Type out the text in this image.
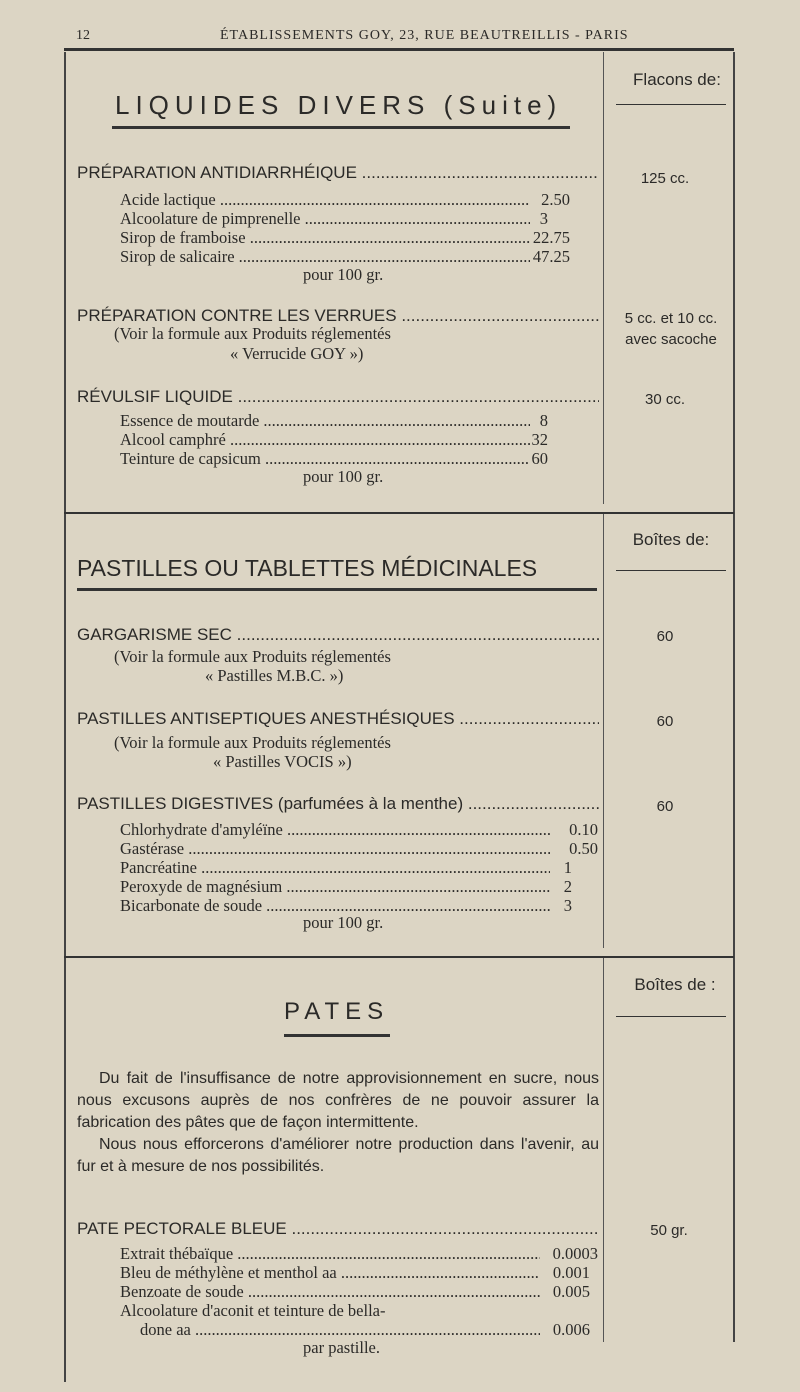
12	ÉTABLISSEMENTS GOY, 23, RUE BEAUTREILLIS - PARIS
Flacons de:
LIQUIDES DIVERS (Suite)
PRÉPARATION ANTIDIARRHÉIQUE .....	125 cc.
Acide lactique .....	2.50
Alcoolature de pimprenelle .....	3
Sirop de framboise .....	22.75
Sirop de salicaire .....	47.25
pour 100 gr.
PRÉPARATION CONTRE LES VERRUES .....	5 cc. et 10 cc.
avec sacoche
(Voir la formule aux Produits réglementés
« Verrucide GOY »)
RÉVULSIF LIQUIDE .....	30 cc.
Essence de moutarde .....	8
Alcool camphré .....	32
Teinture de capsicum .....	60
pour 100 gr.
Boîtes de:
PASTILLES OU TABLETTES MÉDICINALES
GARGARISME SEC .....	60
(Voir la formule aux Produits réglementés
« Pastilles M.B.C. »)
PASTILLES ANTISEPTIQUES ANESTHÉSIQUES .....	60
(Voir la formule aux Produits réglementés
« Pastilles VOCIS »)
PASTILLES DIGESTIVES (parfumées à la menthe) .....	60
Chlorhydrate d'amyléïne .....	0.10
Gastérase .....	0.50
Pancréatine .....	1
Peroxyde de magnésium .....	2
Bicarbonate de soude .....	3
pour 100 gr.
Boîtes de :
PATES

Du fait de l'insuffisance de notre approvisionnement en sucre, nous nous excusons auprès de nos confrères de ne pouvoir assurer la fabrication des pâtes que de façon intermittente.

Nous nous efforcerons d'améliorer notre production dans l'avenir, au fur et à mesure de nos possibilités.

PATE PECTORALE BLEUE .....	50 gr.
Extrait thébaïque .....	0.0003
Bleu de méthylène et menthol aa .....	0.001
Benzoate de soude .....	0.005
Alcoolature d'aconit et teinture de bella-
done aa .....	0.006
par pastille.
